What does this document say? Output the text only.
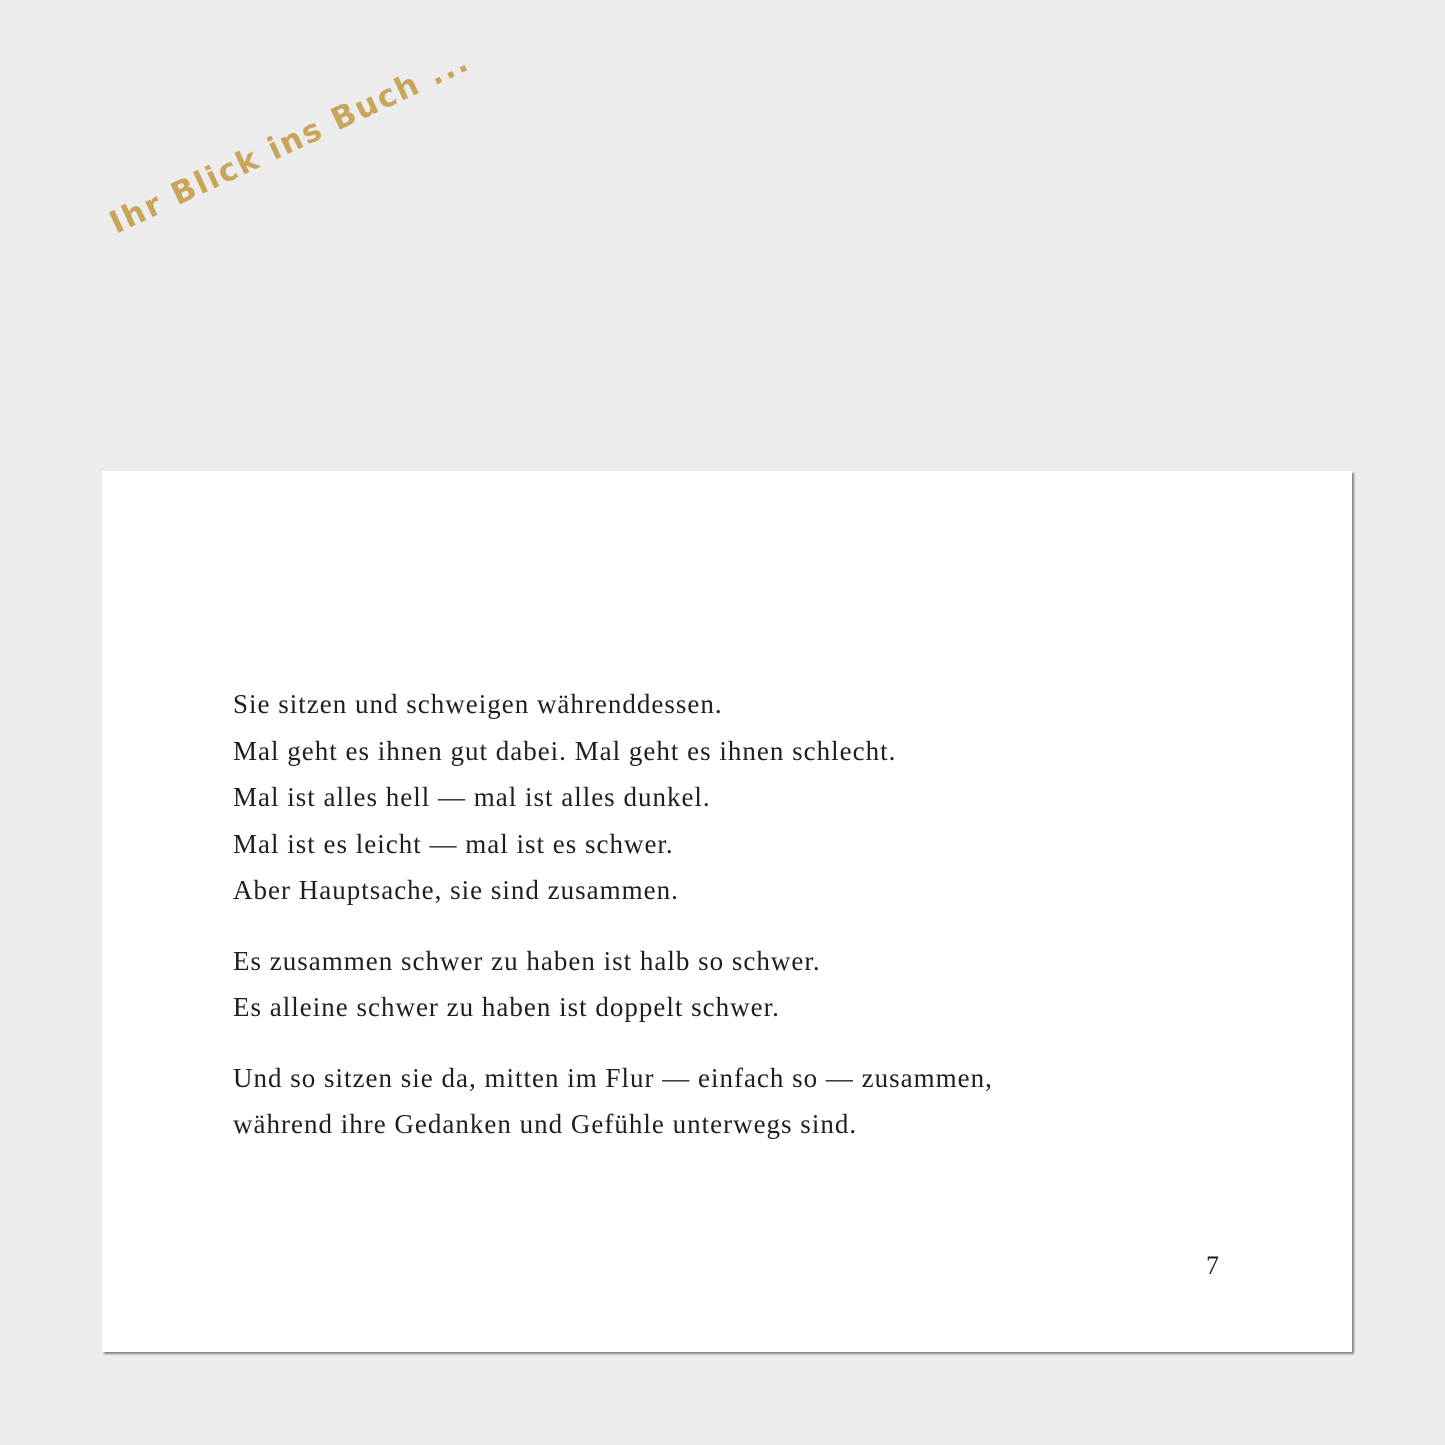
Ihr Blick ins Buch ...
Sie sitzen und schweigen währenddessen.
Mal geht es ihnen gut dabei. Mal geht es ihnen schlecht.
Mal ist alles hell — mal ist alles dunkel.
Mal ist es leicht — mal ist es schwer.
Aber Hauptsache, sie sind zusammen.
Es zusammen schwer zu haben ist halb so schwer.
Es alleine schwer zu haben ist doppelt schwer.
Und so sitzen sie da, mitten im Flur — einfach so — zusammen,
während ihre Gedanken und Gefühle unterwegs sind.
7
